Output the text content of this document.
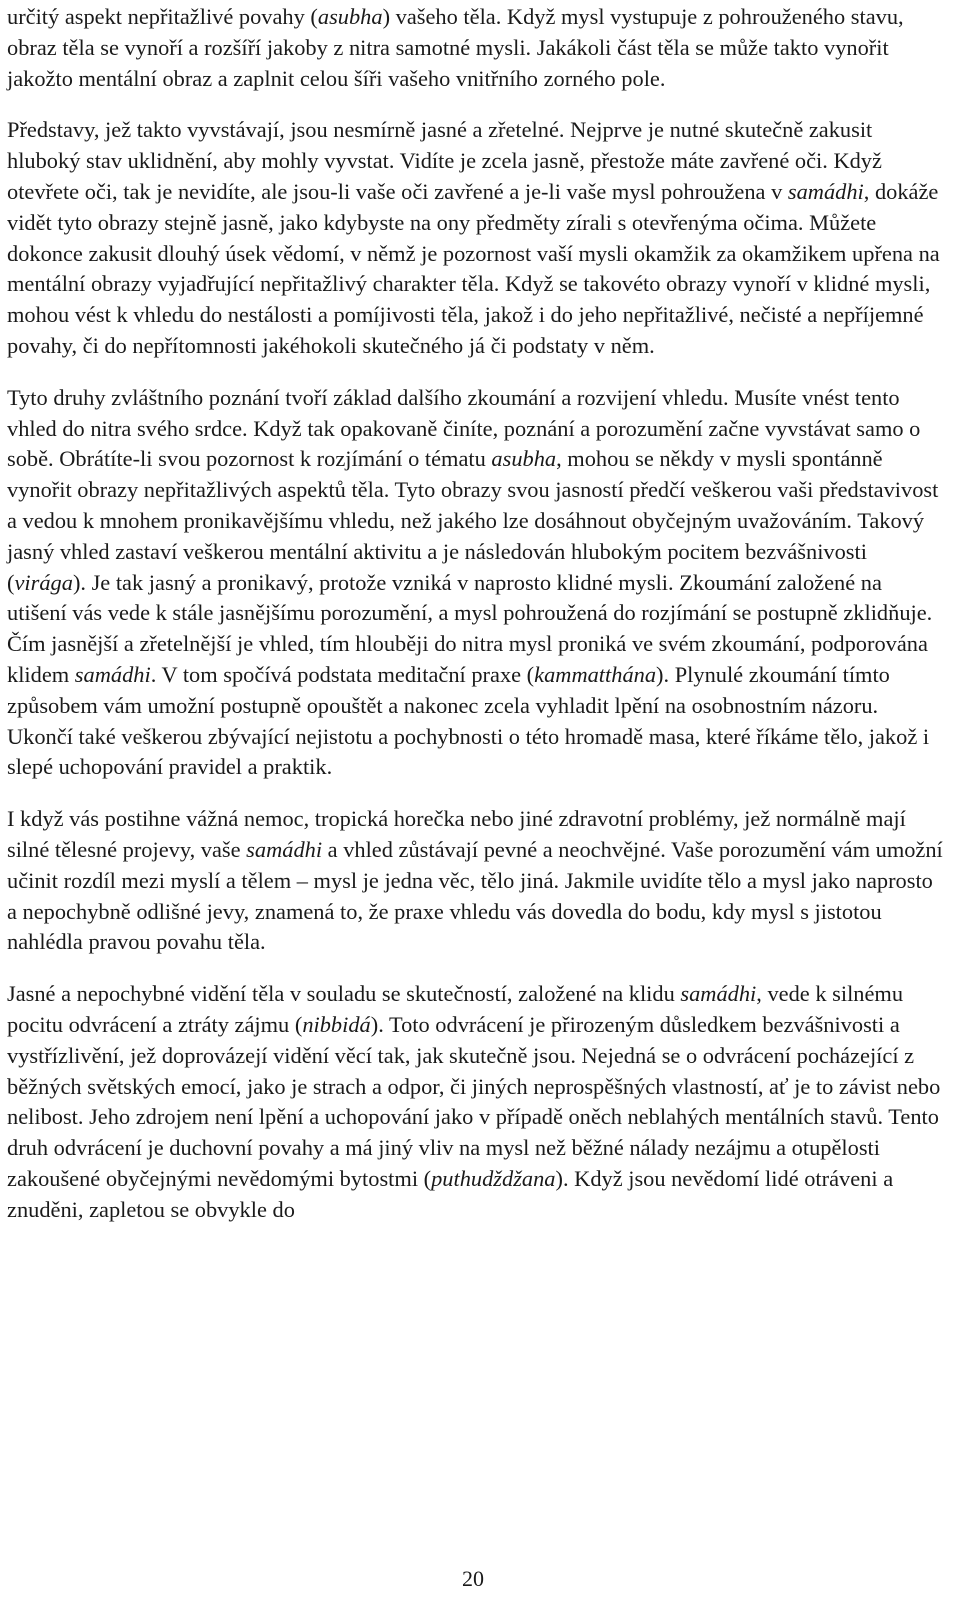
určitý aspekt nepřitažlivé povahy (asubha) vašeho těla. Když mysl vystupuje z pohrouženého stavu, obraz těla se vynoří a rozšíří jakoby z nitra samotné mysli. Jakákoli část těla se může takto vynořit jakožto mentální obraz a zaplnit celou šíři vašeho vnitřního zorného pole.

Představy, jež takto vyvstávají, jsou nesmírně jasné a zřetelné. Nejprve je nutné skutečně zakusit hluboký stav uklidnění, aby mohly vyvstat. Vidíte je zcela jasně, přestože máte zavřené oči. Když otevřete oči, tak je nevidíte, ale jsou-li vaše oči zavřené a je-li vaše mysl pohroužena v samádhi, dokáže vidět tyto obrazy stejně jasně, jako kdybyste na ony předměty zírali s otevřenýma očima. Můžete dokonce zakusit dlouhý úsek vědomí, v němž je pozornost vaší mysli okamžik za okamžikem upřena na mentální obrazy vyjadřující nepřitažlivý charakter těla. Když se takovéto obrazy vynoří v klidné mysli, mohou vést k vhledu do nestálosti a pomíjivosti těla, jakož i do jeho nepřitažlivé, nečisté a nepříjemné povahy, či do nepřítomnosti jakéhokoli skutečného já či podstaty v něm.

Tyto druhy zvláštního poznání tvoří základ dalšího zkoumání a rozvijení vhledu. Musíte vnést tento vhled do nitra svého srdce. Když tak opakovaně činíte, poznání a porozumění začne vyvstávat samo o sobě. Obrátíte-li svou pozornost k rozjímání o tématu asubha, mohou se někdy v mysli spontánně vynořit obrazy nepřitažlivých aspektů těla. Tyto obrazy svou jasností předčí veškerou vaši představivost a vedou k mnohem pronikavějšímu vhledu, než jakého lze dosáhnout obyčejným uvažováním. Takový jasný vhled zastaví veškerou mentální aktivitu a je následován hlubokým pocitem bezvášnivosti (virága). Je tak jasný a pronikavý, protože vzniká v naprosto klidné mysli. Zkoumání založené na utišení vás vede k stále jasnějšímu porozumění, a mysl pohroužená do rozjímání se postupně zklidňuje. Čím jasnější a zřetelnější je vhled, tím hlouběji do nitra mysl proniká ve svém zkoumání, podporována klidem samádhi. V tom spočívá podstata meditační praxe (kammatthána). Plynulé zkoumání tímto způsobem vám umožní postupně opouštět a nakonec zcela vyhladit lpění na osobnostním názoru. Ukončí také veškerou zbývající nejistotu a pochybnosti o této hromadě masa, které říkáme tělo, jakož i slepé uchopování pravidel a praktik.

I když vás postihne vážná nemoc, tropická horečka nebo jiné zdravotní problémy, jež normálně mají silné tělesné projevy, vaše samádhi a vhled zůstávají pevné a neochvějné. Vaše porozumění vám umožní učinit rozdíl mezi myslí a tělem – mysl je jedna věc, tělo jiná. Jakmile uvidíte tělo a mysl jako naprosto a nepochybně odlišné jevy, znamená to, že praxe vhledu vás dovedla do bodu, kdy mysl s jistotou nahlédla pravou povahu těla.

Jasné a nepochybné vidění těla v souladu se skutečností, založené na klidu samádhi, vede k silnému pocitu odvrácení a ztráty zájmu (nibbidá). Toto odvrácení je přirozeným důsledkem bezvášnivosti a vystřízlivění, jež doprovázejí vidění věcí tak, jak skutečně jsou. Nejedná se o odvrácení pocházející z běžných světských emocí, jako je strach a odpor, či jiných neprospěšných vlastností, ať je to závist nebo nelibost. Jeho zdrojem není lpění a uchopování jako v případě oněch neblahých mentálních stavů. Tento druh odvrácení je duchovní povahy a má jiný vliv na mysl než běžné nálady nezájmu a otupělosti zakoušené obyčejnými nevědomými bytostmi (puthudždžana). Když jsou nevědomí lidé otráveni a znuděni, zapletou se obvykle do

20
